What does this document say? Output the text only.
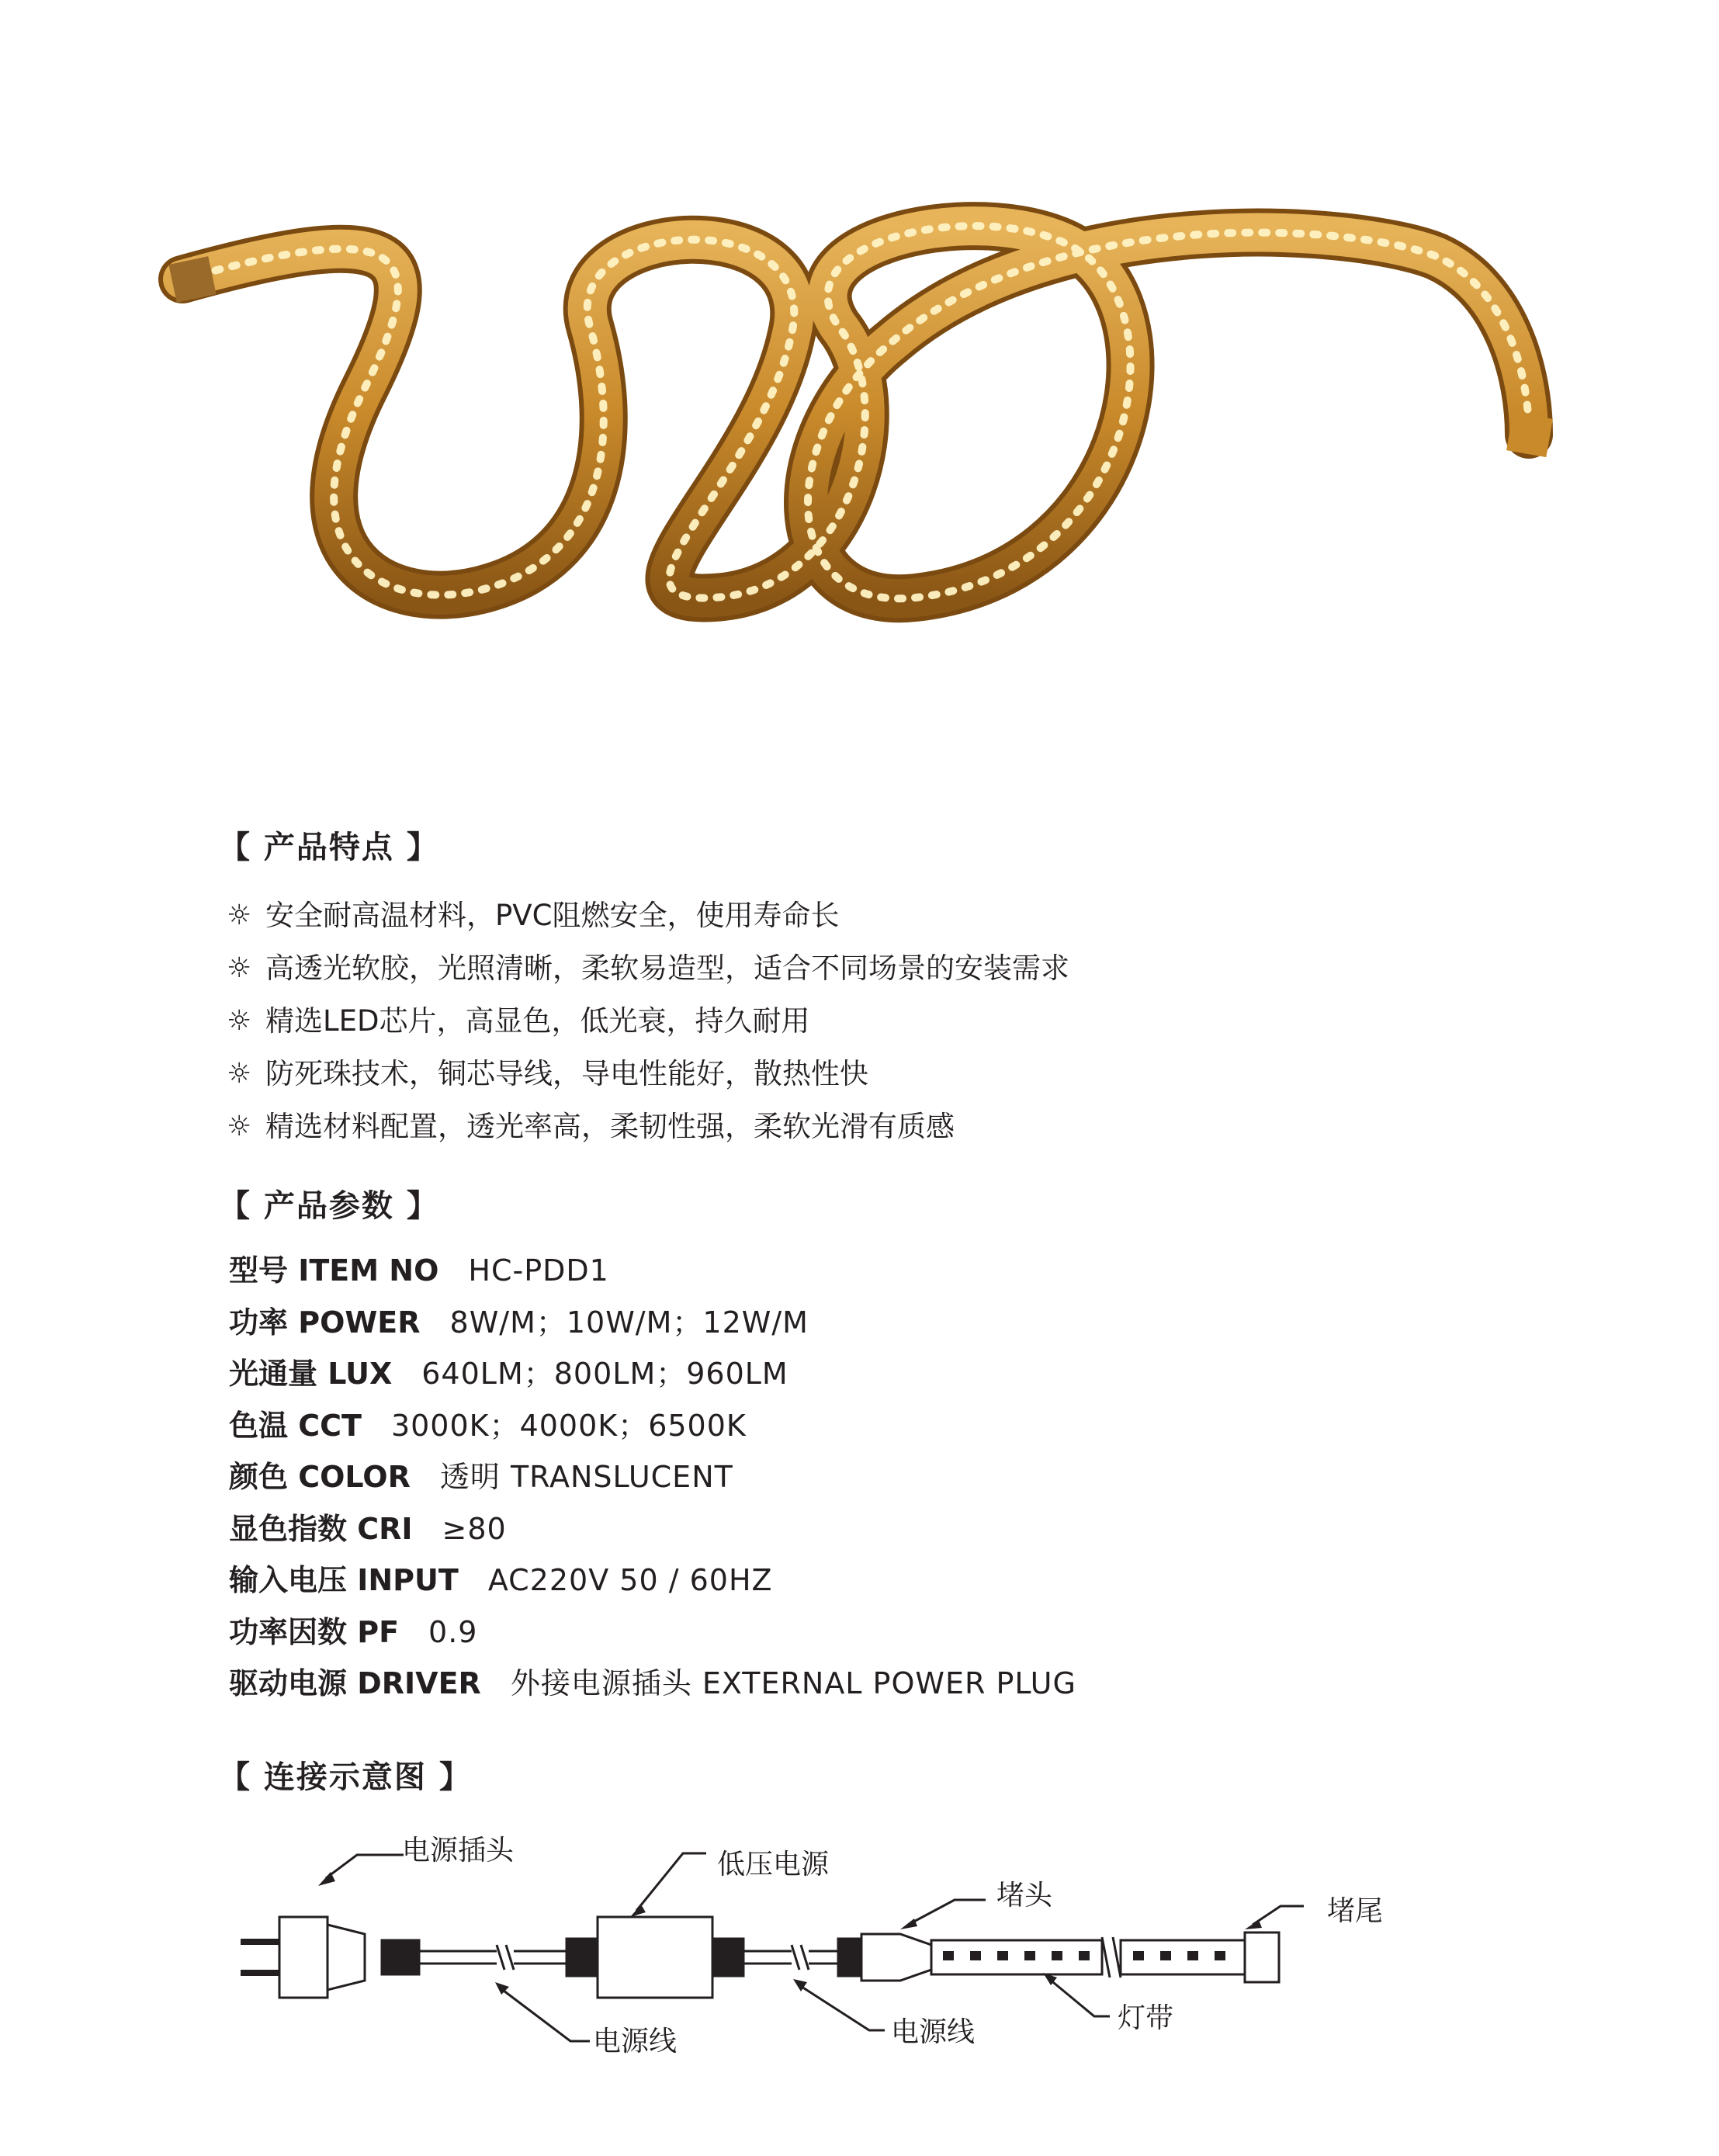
【 产品特点 】
☼ 安全耐高温材料，PVC阻燃安全，使用寿命长
☼ 高透光软胶，光照清晰，柔软易造型，适合不同场景的安装需求
☼ 精选LED芯片，高显色，低光衰，持久耐用
☼ 防死珠技术，铜芯导线，导电性能好，散热性快
☼ 精选材料配置，透光率高，柔韧性强，柔软光滑有质感
【 产品参数 】
型号 ITEM NO HC-PDD1
功率 POWER 8W/M；10W/M；12W/M
光通量 LUX 640LM；800LM；960LM
色温 CCT 3000K；4000K；6500K
颜色 COLOR 透明 TRANSLUCENT
显色指数 CRI ≥80
输入电压 INPUT AC220V 50 / 60HZ
功率因数 PF 0.9
驱动电源 DRIVER 外接电源插头 EXTERNAL POWER PLUG
【 连接示意图 】
电源插头	低压电源
堵头	堵尾
电源线	电源线	灯带
